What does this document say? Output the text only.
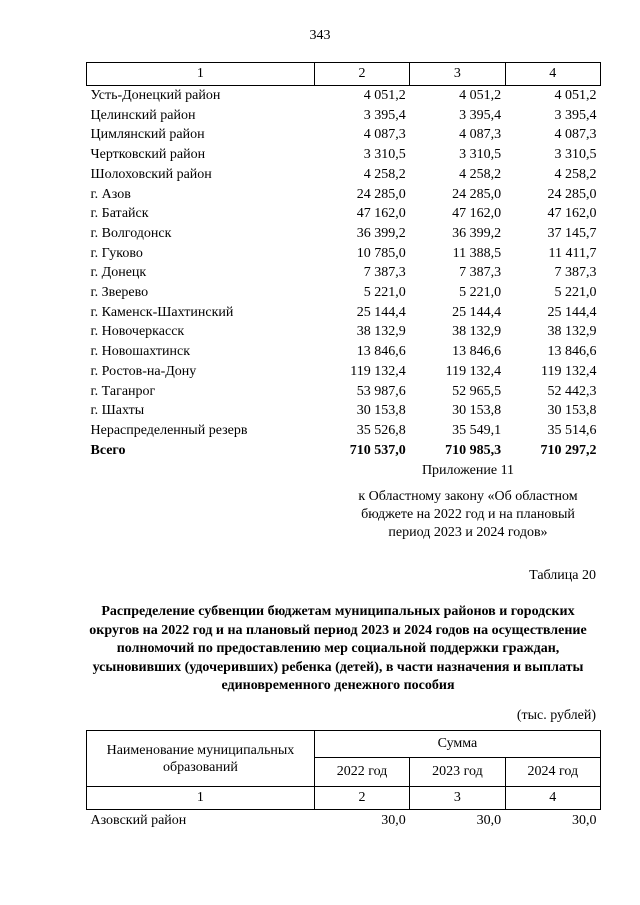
343
1	2	3	4
Усть-Донецкий район	4 051,2	4 051,2	4 051,2
Целинский район	3 395,4	3 395,4	3 395,4
Цимлянский район	4 087,3	4 087,3	4 087,3
Чертковский район	3 310,5	3 310,5	3 310,5
Шолоховский район	4 258,2	4 258,2	4 258,2
г. Азов	24 285,0	24 285,0	24 285,0
г. Батайск	47 162,0	47 162,0	47 162,0
г. Волгодонск	36 399,2	36 399,2	37 145,7
г. Гуково	10 785,0	11 388,5	11 411,7
г. Донецк	7 387,3	7 387,3	7 387,3
г. Зверево	5 221,0	5 221,0	5 221,0
г. Каменск-Шахтинский	25 144,4	25 144,4	25 144,4
г. Новочеркасск	38 132,9	38 132,9	38 132,9
г. Новошахтинск	13 846,6	13 846,6	13 846,6
г. Ростов-на-Дону	119 132,4	119 132,4	119 132,4
г. Таганрог	53 987,6	52 965,5	52 442,3
г. Шахты	30 153,8	30 153,8	30 153,8
Нераспределенный резерв	35 526,8	35 549,1	35 514,6
Всего	710 537,0	710 985,3	710 297,2
Приложение 11
к Областному закону «Об областном бюджете на 2022 год и на плановый период 2023 и 2024 годов»
Таблица 20
Распределение субвенции бюджетам муниципальных районов и городских округов на 2022 год и на плановый период 2023 и 2024 годов на осуществление полномочий по предоставлению мер социальной поддержки граждан, усыновивших (удочеривших) ребенка (детей), в части назначения и выплаты единовременного денежного пособия
(тыс. рублей)
Наименование муниципальных образований	Сумма		
	2022 год	2023 год	2024 год
1	2	3	4
Азовский район	30,0	30,0	30,0
